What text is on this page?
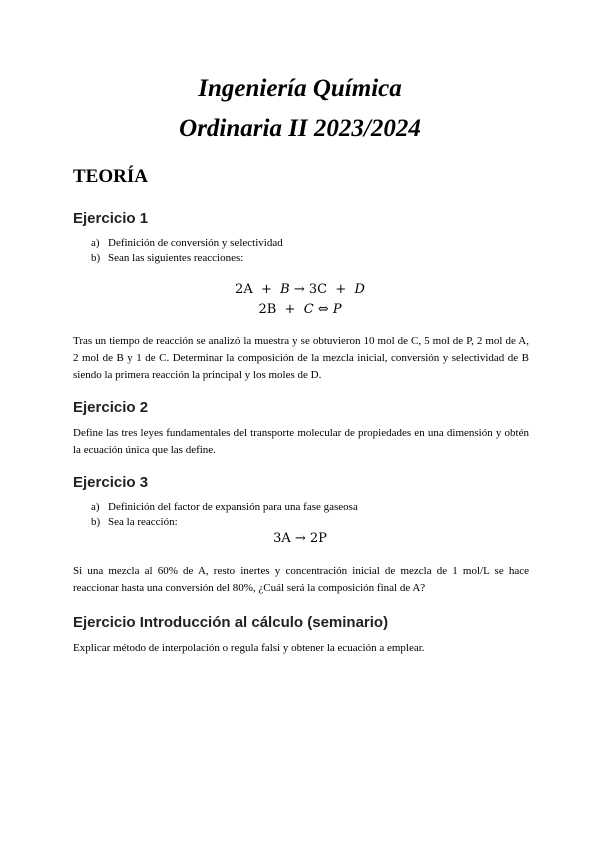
Ingeniería Química
Ordinaria II 2023/2024
TEORÍA
Ejercicio 1
a) Definición de conversión y selectividad
b) Sean las siguientes reacciones:

2A  +  B → 3C  +  D

2B  +  C ⇔ P

Tras un tiempo de reacción se analizó la muestra y se obtuvieron 10 mol de C, 5 mol de P, 2 mol de A,
2 mol de B y 1 de C. Determinar la composición de la mezcla inicial, conversión y selectividad de B
siendo la primera reacción la principal y los moles de D.

Ejercicio 2

Define las tres leyes fundamentales del transporte molecular de propiedades en una dimensión y obtén
la ecuación única que las define.

Ejercicio 3
a) Definición del factor de expansión para una fase gaseosa
b) Sea la reacción:

3A → 2P

Si una mezcla al 60% de A, resto inertes y concentración inicial de mezcla de 1 mol/L se hace
reaccionar hasta una conversión del 80%, ¿Cuál será la composición final de A?

Ejercicio Introducción al cálculo (seminario)

Explicar método de interpolación o regula falsi y obtener la ecuación a emplear.
